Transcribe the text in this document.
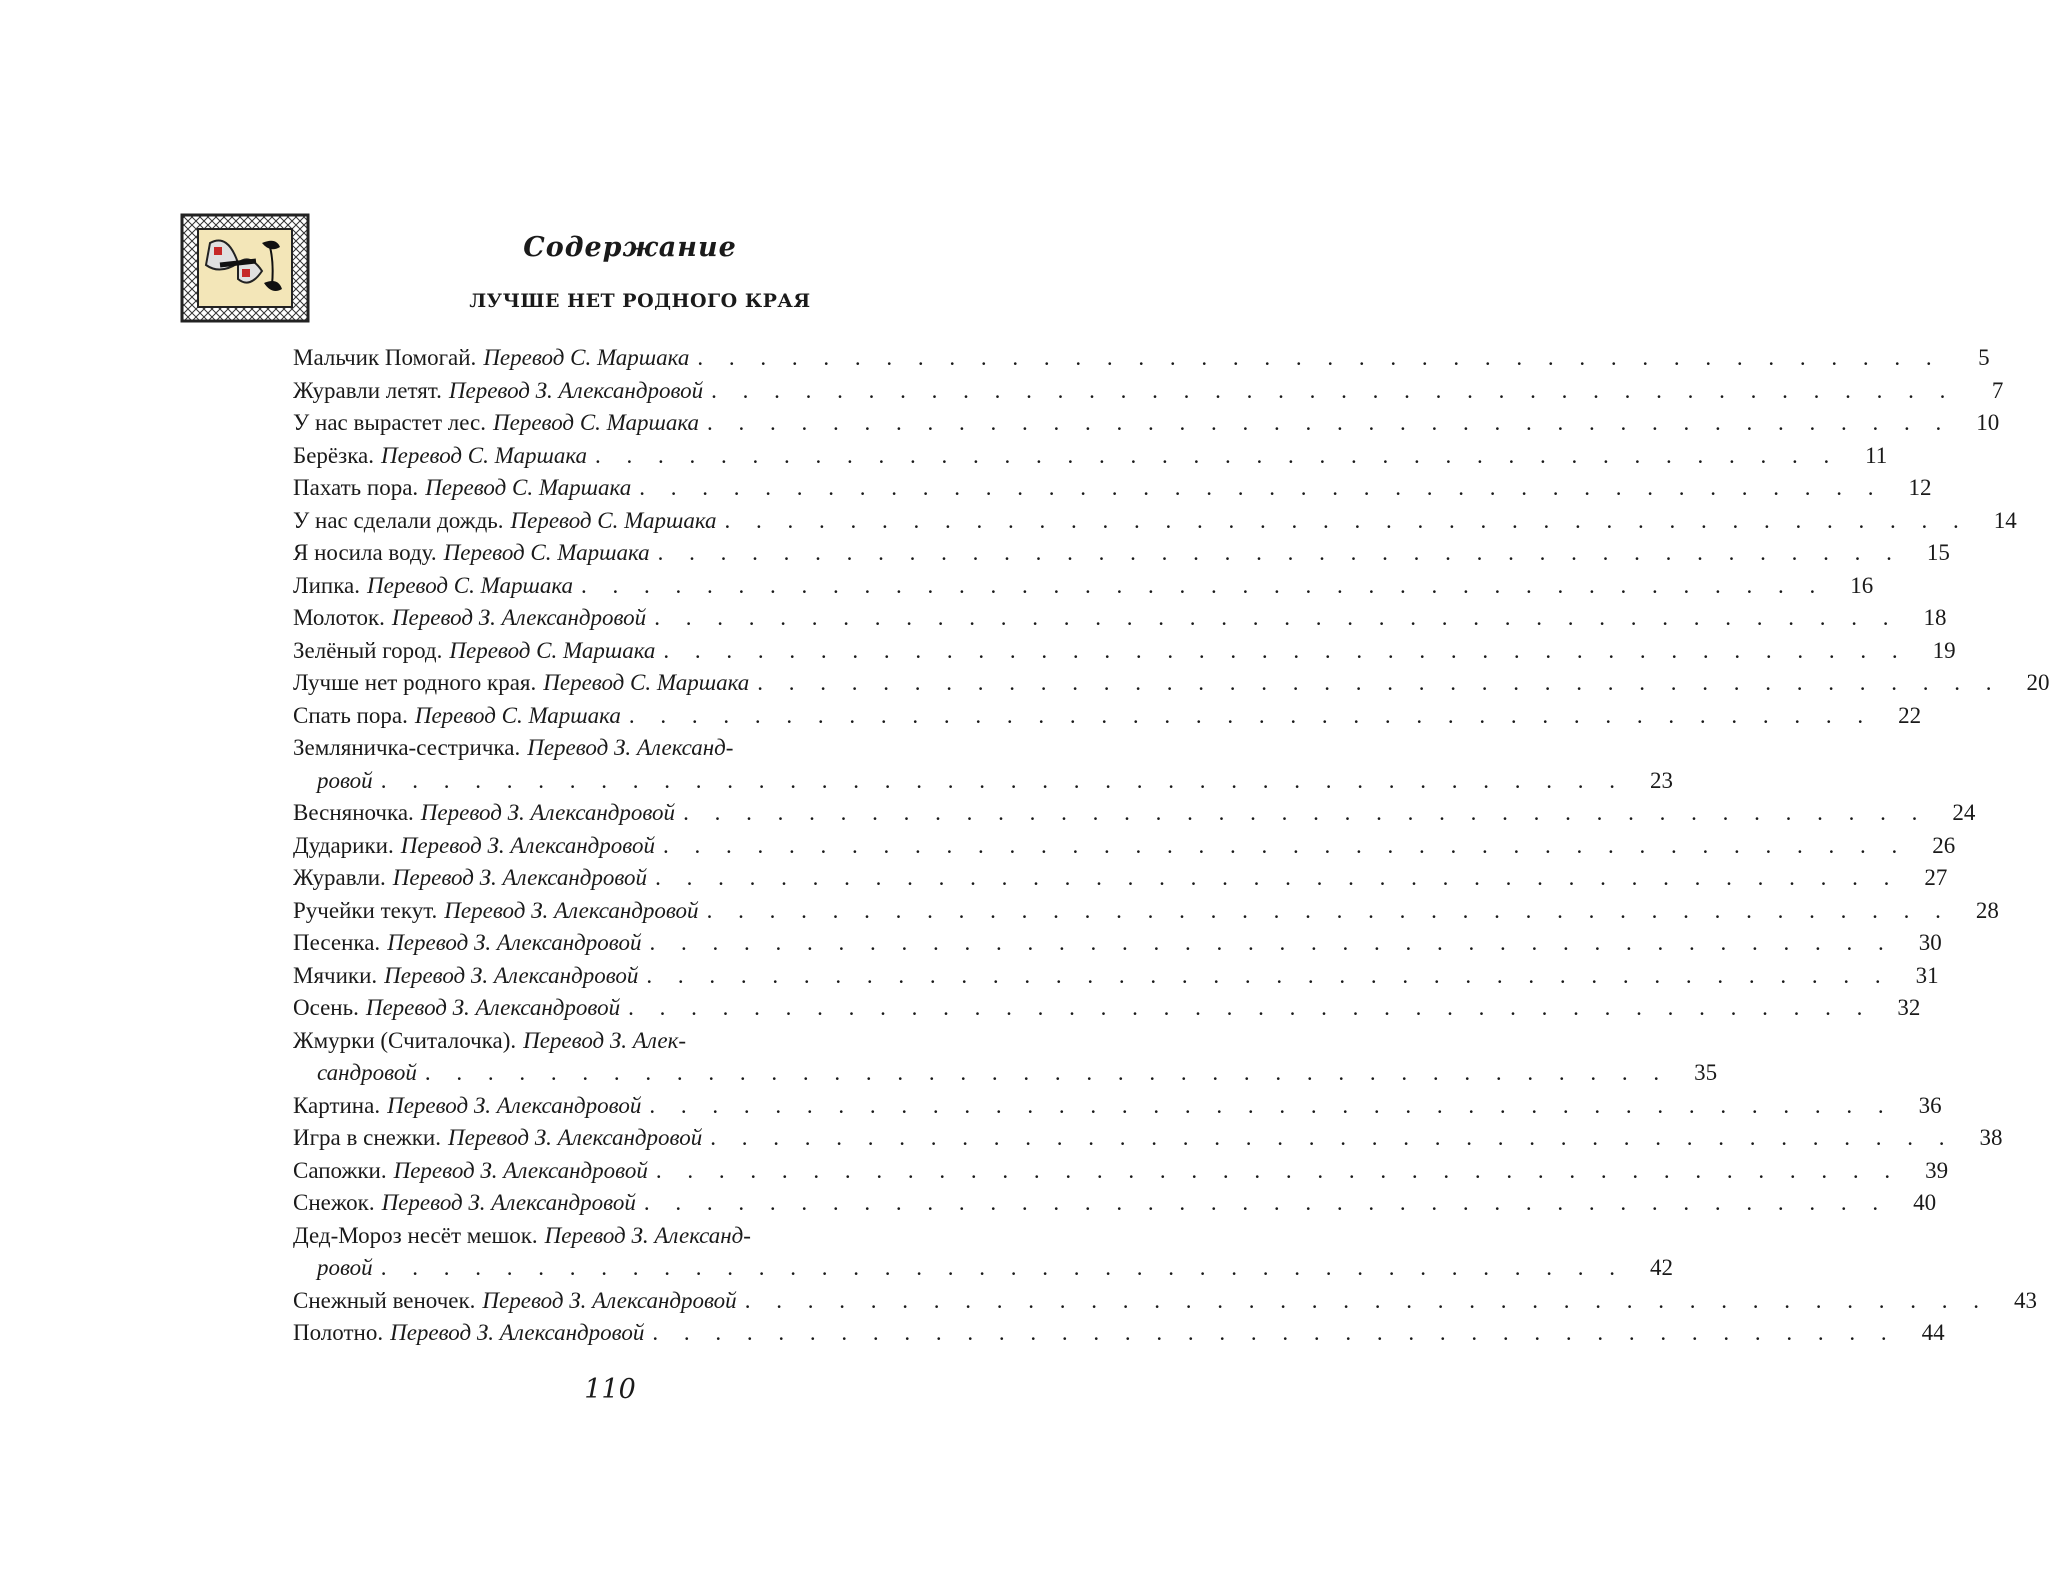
Содержание
ЛУЧШЕ НЕТ РОДНОГО КРАЯ
Мальчик Помогай. Перевод С. Маршака . . . . . . . . . . . . . . . . . . . . . . . . . . . . . . . . . . . . . . . .	5
Журавли летят. Перевод З. Александровой . . . . . . . . . . . . . . . . . . . . . . . . . . . . . . . . . . . . . . . .	7
У нас вырастет лес. Перевод С. Маршака . . . . . . . . . . . . . . . . . . . . . . . . . . . . . . . . . . . . . . . .	10
Берёзка. Перевод С. Маршака . . . . . . . . . . . . . . . . . . . . . . . . . . . . . . . . . . . . . . . .	11
Пахать пора. Перевод С. Маршака . . . . . . . . . . . . . . . . . . . . . . . . . . . . . . . . . . . . . . . .	12
У нас сделали дождь. Перевод С. Маршака . . . . . . . . . . . . . . . . . . . . . . . . . . . . . . . . . . . . . . . .	14
Я носила воду. Перевод С. Маршака . . . . . . . . . . . . . . . . . . . . . . . . . . . . . . . . . . . . . . . .	15
Липка. Перевод С. Маршака . . . . . . . . . . . . . . . . . . . . . . . . . . . . . . . . . . . . . . . .	16
Молоток. Перевод З. Александровой . . . . . . . . . . . . . . . . . . . . . . . . . . . . . . . . . . . . . . . .	18
Зелёный город. Перевод С. Маршака . . . . . . . . . . . . . . . . . . . . . . . . . . . . . . . . . . . . . . . .	19
Лучше нет родного края. Перевод С. Маршака . . . . . . . . . . . . . . . . . . . . . . . . . . . . . . . . . . . . . . . .	20
Спать пора. Перевод С. Маршака . . . . . . . . . . . . . . . . . . . . . . . . . . . . . . . . . . . . . . . .	22
Земляничка-сестричка. Перевод З. Александ-
ровой . . . . . . . . . . . . . . . . . . . . . . . . . . . . . . . . . . . . . . . .	23
Весняночка. Перевод З. Александровой . . . . . . . . . . . . . . . . . . . . . . . . . . . . . . . . . . . . . . . .	24
Дударики. Перевод З. Александровой . . . . . . . . . . . . . . . . . . . . . . . . . . . . . . . . . . . . . . . .	26
Журавли. Перевод З. Александровой . . . . . . . . . . . . . . . . . . . . . . . . . . . . . . . . . . . . . . . .	27
Ручейки текут. Перевод З. Александровой . . . . . . . . . . . . . . . . . . . . . . . . . . . . . . . . . . . . . . . .	28
Песенка. Перевод З. Александровой . . . . . . . . . . . . . . . . . . . . . . . . . . . . . . . . . . . . . . . .	30
Мячики. Перевод З. Александровой . . . . . . . . . . . . . . . . . . . . . . . . . . . . . . . . . . . . . . . .	31
Осень. Перевод З. Александровой . . . . . . . . . . . . . . . . . . . . . . . . . . . . . . . . . . . . . . . .	32
Жмурки (Считалочка). Перевод З. Алек-
сандровой . . . . . . . . . . . . . . . . . . . . . . . . . . . . . . . . . . . . . . . .	35
Картина. Перевод З. Александровой . . . . . . . . . . . . . . . . . . . . . . . . . . . . . . . . . . . . . . . .	36
Игра в снежки. Перевод З. Александровой . . . . . . . . . . . . . . . . . . . . . . . . . . . . . . . . . . . . . . . .	38
Сапожки. Перевод З. Александровой . . . . . . . . . . . . . . . . . . . . . . . . . . . . . . . . . . . . . . . .	39
Снежок. Перевод З. Александровой . . . . . . . . . . . . . . . . . . . . . . . . . . . . . . . . . . . . . . . .	40
Дед-Мороз несёт мешок. Перевод З. Александ-
ровой . . . . . . . . . . . . . . . . . . . . . . . . . . . . . . . . . . . . . . . .	42
Снежный веночек. Перевод З. Александровой . . . . . . . . . . . . . . . . . . . . . . . . . . . . . . . . . . . . . . . .	43
Полотно. Перевод З. Александровой . . . . . . . . . . . . . . . . . . . . . . . . . . . . . . . . . . . . . . . .	44
110
